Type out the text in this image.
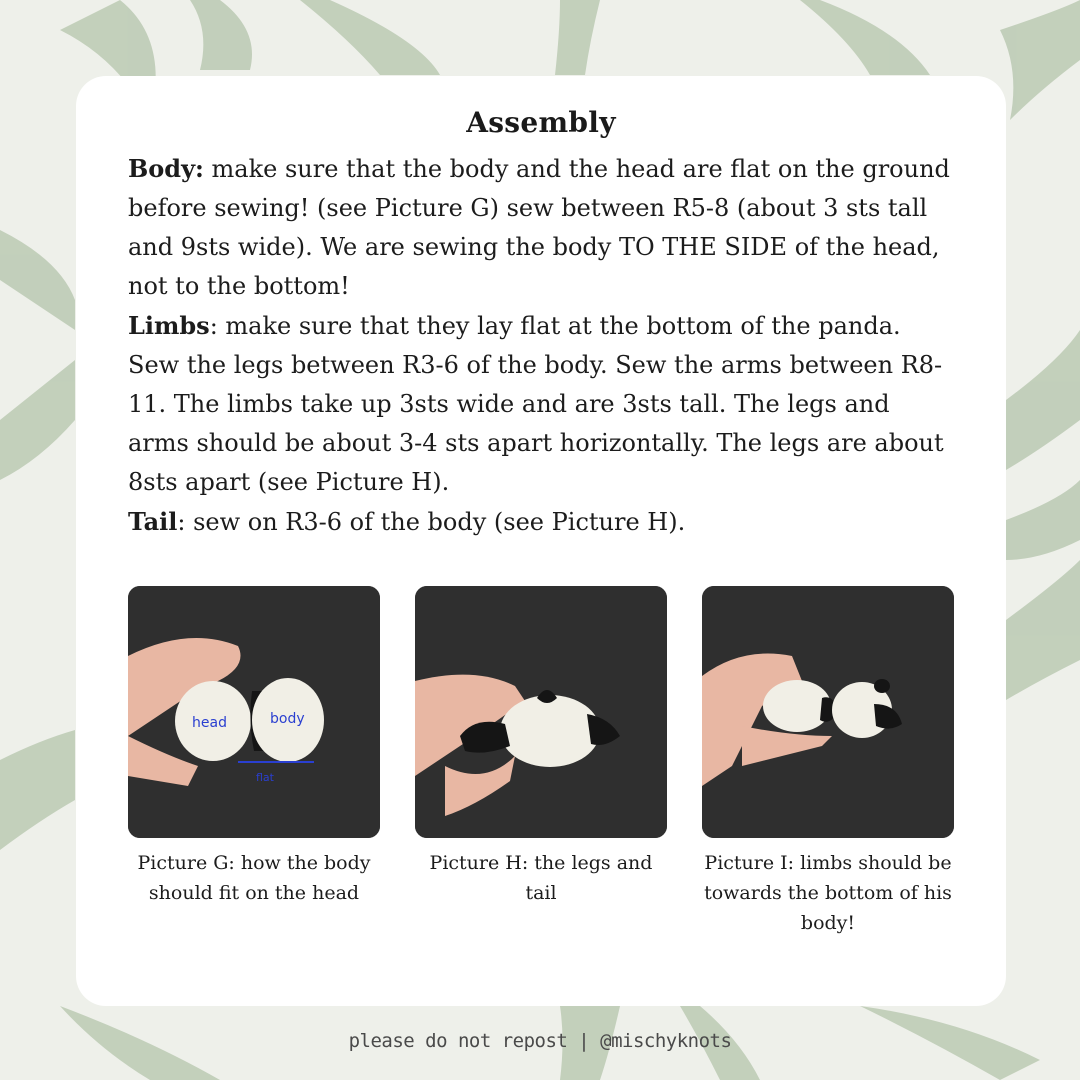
Assembly

Body: make sure that the body and the head are flat on the ground before sewing! (see Picture G) sew between R5-8 (about 3 sts tall and 9sts wide). We are sewing the body TO THE SIDE of the head, not to the bottom!
Limbs: make sure that they lay flat at the bottom of the panda. Sew the legs between R3-6 of the body. Sew the arms between R8-11. The limbs take up 3sts wide and are 3sts tall. The legs and arms should be about 3-4 sts apart horizontally. The legs are about 8sts apart (see Picture H).
Tail: sew on R3-6 of the body (see Picture H).

head	body
flat
Picture G: how the body should fit on the head
Picture H: the legs and tail
Picture I: limbs should be towards the bottom of his body!
please do not repost | @mischyknots
